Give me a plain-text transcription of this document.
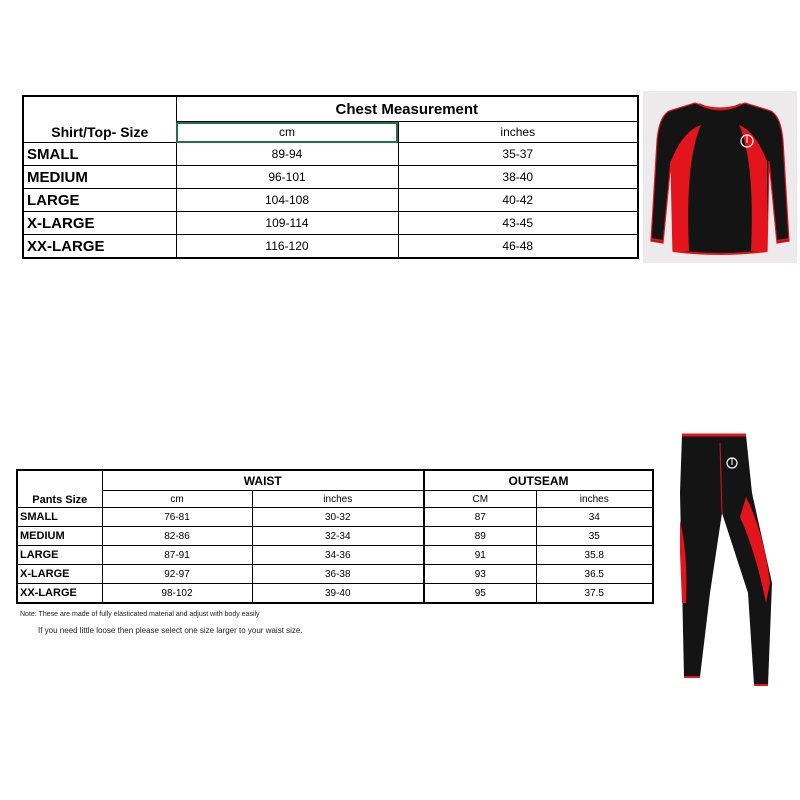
Shirt/Top- Size	Chest Measurement	
	cm	inches
SMALL	89-94	35-37
MEDIUM	96-101	38-40
LARGE	104-108	40-42
X-LARGE	109-114	43-45
XX-LARGE	116-120	46-48
Pants Size	WAIST		OUTSEAM	
	cm	inches	CM	inches
SMALL	76-81	30-32	87	34
MEDIUM	82-86	32-34	89	35
LARGE	87-91	34-36	91	35.8
X-LARGE	92-97	36-38	93	36.5
XX-LARGE	98-102	39-40	95	37.5
Note: These are made of fully elasticated material and adjust with body easily
If you need little loose then please select one size larger to your waist size.
